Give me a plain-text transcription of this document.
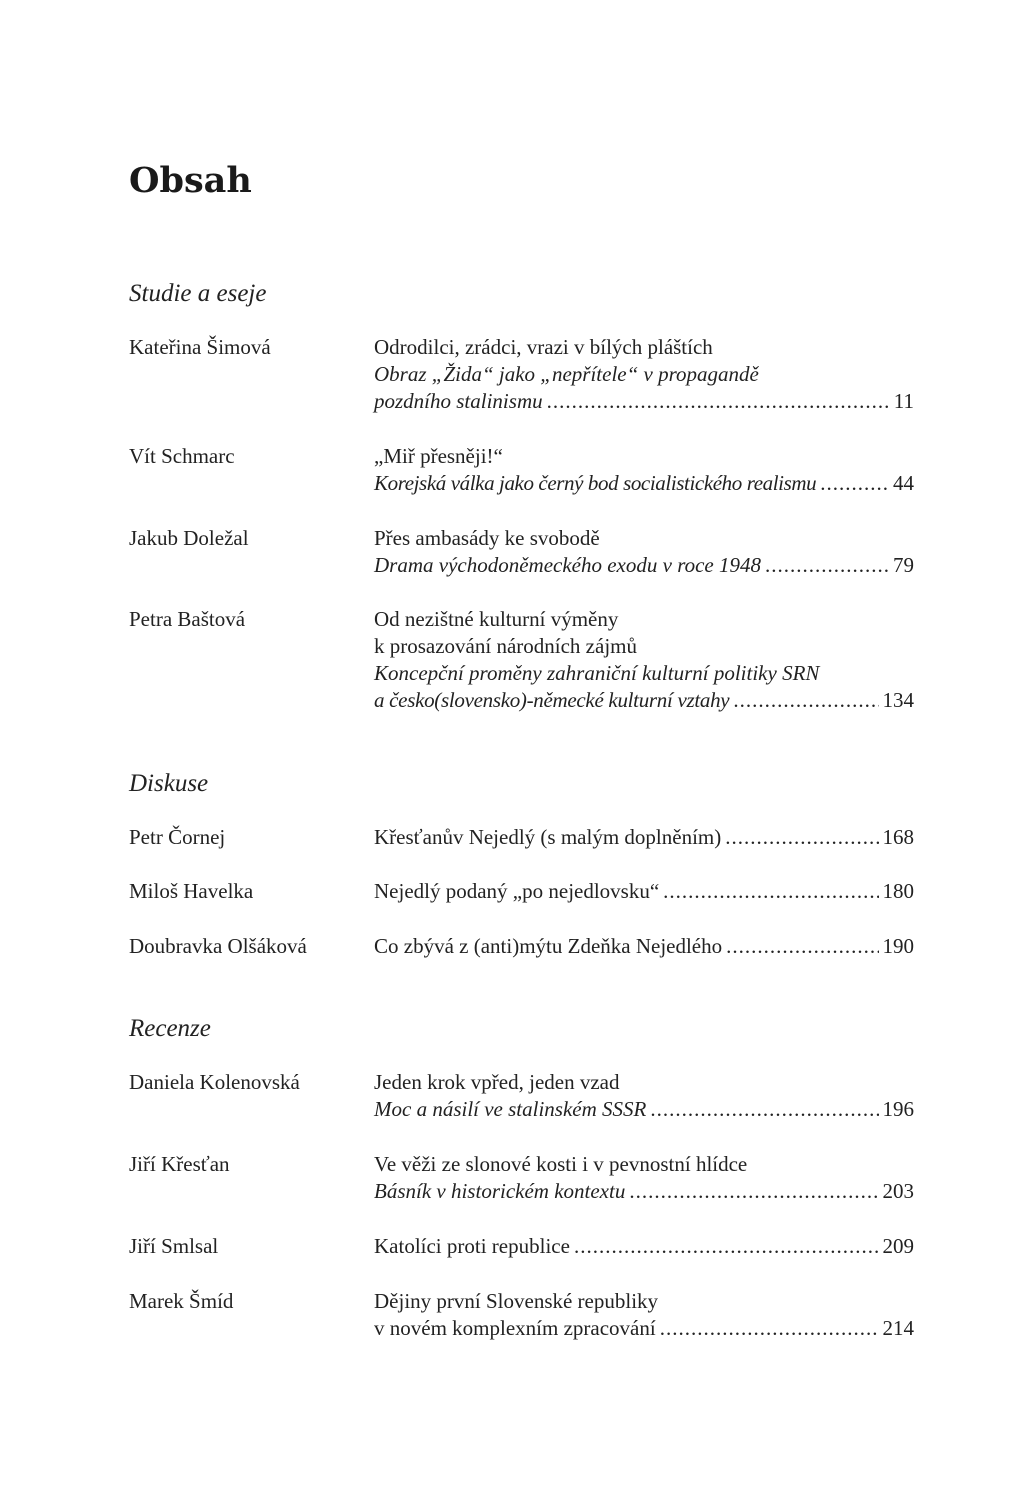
Obsah
Studie a eseje
Kateřina Šimová	Odrodilci, zrádci, vrazi v bílých pláštích
Obraz „Žida“ jako „nepřítele“ v propagandě
pozdního stalinismu .....	11
Vít Schmarc	„Miř přesněji!“
Korejská válka jako černý bod socialistického realismu .....	44
Jakub Doležal	Přes ambasády ke svobodě
Drama východoněmeckého exodu v roce 1948 .....	79
Petra Baštová	Od nezištné kulturní výměny
k prosazování národních zájmů
Koncepční proměny zahraniční kulturní politiky SRN
a česko(slovensko)-německé kulturní vztahy .....	134
Diskuse
Petr Čornej	Křesťanův Nejedlý (s malým doplněním) .....	168
Miloš Havelka	Nejedlý podaný „po nejedlovsku“ .....	180
Doubravka Olšáková	Co zbývá z (anti)mýtu Zdeňka Nejedlého .....	190
Recenze
Daniela Kolenovská	Jeden krok vpřed, jeden vzad
Moc a násilí ve stalinském SSSR .....	196
Jiří Křesťan	Ve věži ze slonové kosti i v pevnostní hlídce
Básník v historickém kontextu .....	203
Jiří Smlsal	Katolíci proti republice .....	209
Marek Šmíd	Dějiny první Slovenské republiky
v novém komplexním zpracování .....	214
